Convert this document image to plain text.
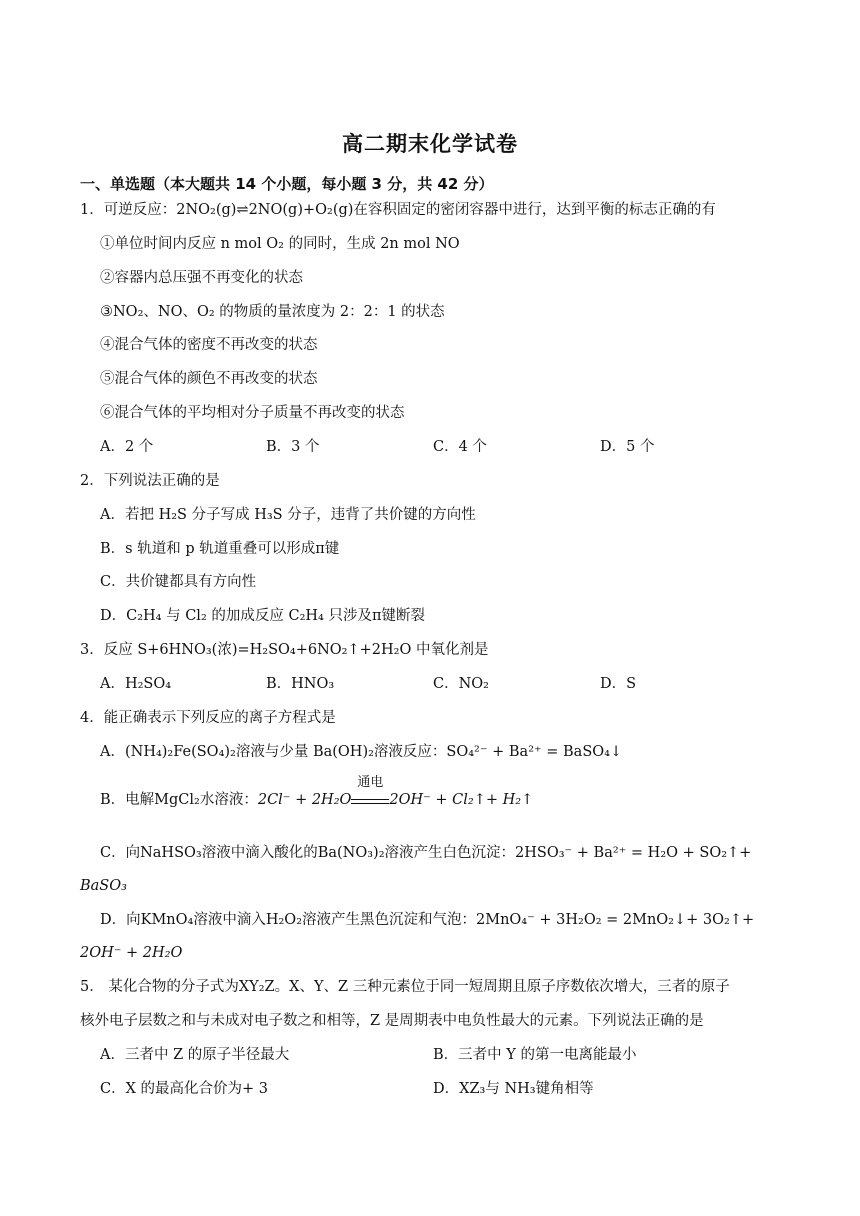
高二期末化学试卷
一、单选题（本大题共 14 个小题，每小题 3 分，共 42 分）
1．可逆反应：2NO₂(g)⇌2NO(g)+O₂(g)在容积固定的密闭容器中进行，达到平衡的标志正确的有
①单位时间内反应 n mol O₂ 的同时，生成 2n mol NO
②容器内总压强不再变化的状态
③NO₂、NO、O₂ 的物质的量浓度为 2：2：1 的状态
④混合气体的密度不再改变的状态
⑤混合气体的颜色不再改变的状态
⑥混合气体的平均相对分子质量不再改变的状态
A．2 个	B．3 个	C．4 个	D．5 个
2．下列说法正确的是
A．若把 H₂S 分子写成 H₃S 分子，违背了共价键的方向性
B．s 轨道和 p 轨道重叠可以形成π键
C．共价键都具有方向性
D．C₂H₄ 与 Cl₂ 的加成反应 C₂H₄ 只涉及π键断裂
3．反应 S+6HNO₃(浓)=H₂SO₄+6NO₂↑+2H₂O 中氧化剂是
A．H₂SO₄	B．HNO₃	C．NO₂	D．S
4．能正确表示下列反应的离子方程式是
A．(NH₄)₂Fe(SO₄)₂溶液与少量 Ba(OH)₂溶液反应：SO₄²⁻ + Ba²⁺ = BaSO₄↓
B．电解MgCl₂水溶液：2Cl⁻ + 2H₂O
通电
2OH⁻ + Cl₂↑+ H₂↑
C．向NaHSO₃溶液中滴入酸化的Ba(NO₃)₂溶液产生白色沉淀：2HSO₃⁻ + Ba²⁺ = H₂O + SO₂↑+
BaSO₃
D．向KMnO₄溶液中滴入H₂O₂溶液产生黑色沉淀和气泡：2MnO₄⁻ + 3H₂O₂ = 2MnO₂↓+ 3O₂↑+
2OH⁻ + 2H₂O
5． 某化合物的分子式为XY₂Z。X、Y、Z 三种元素位于同一短周期且原子序数依次增大，三者的原子
核外电子层数之和与未成对电子数之和相等，Z 是周期表中电负性最大的元素。下列说法正确的是
A．三者中 Z 的原子半径最大	B．三者中 Y 的第一电离能最小
C．X 的最高化合价为+ 3	D．XZ₃与 NH₃键角相等
